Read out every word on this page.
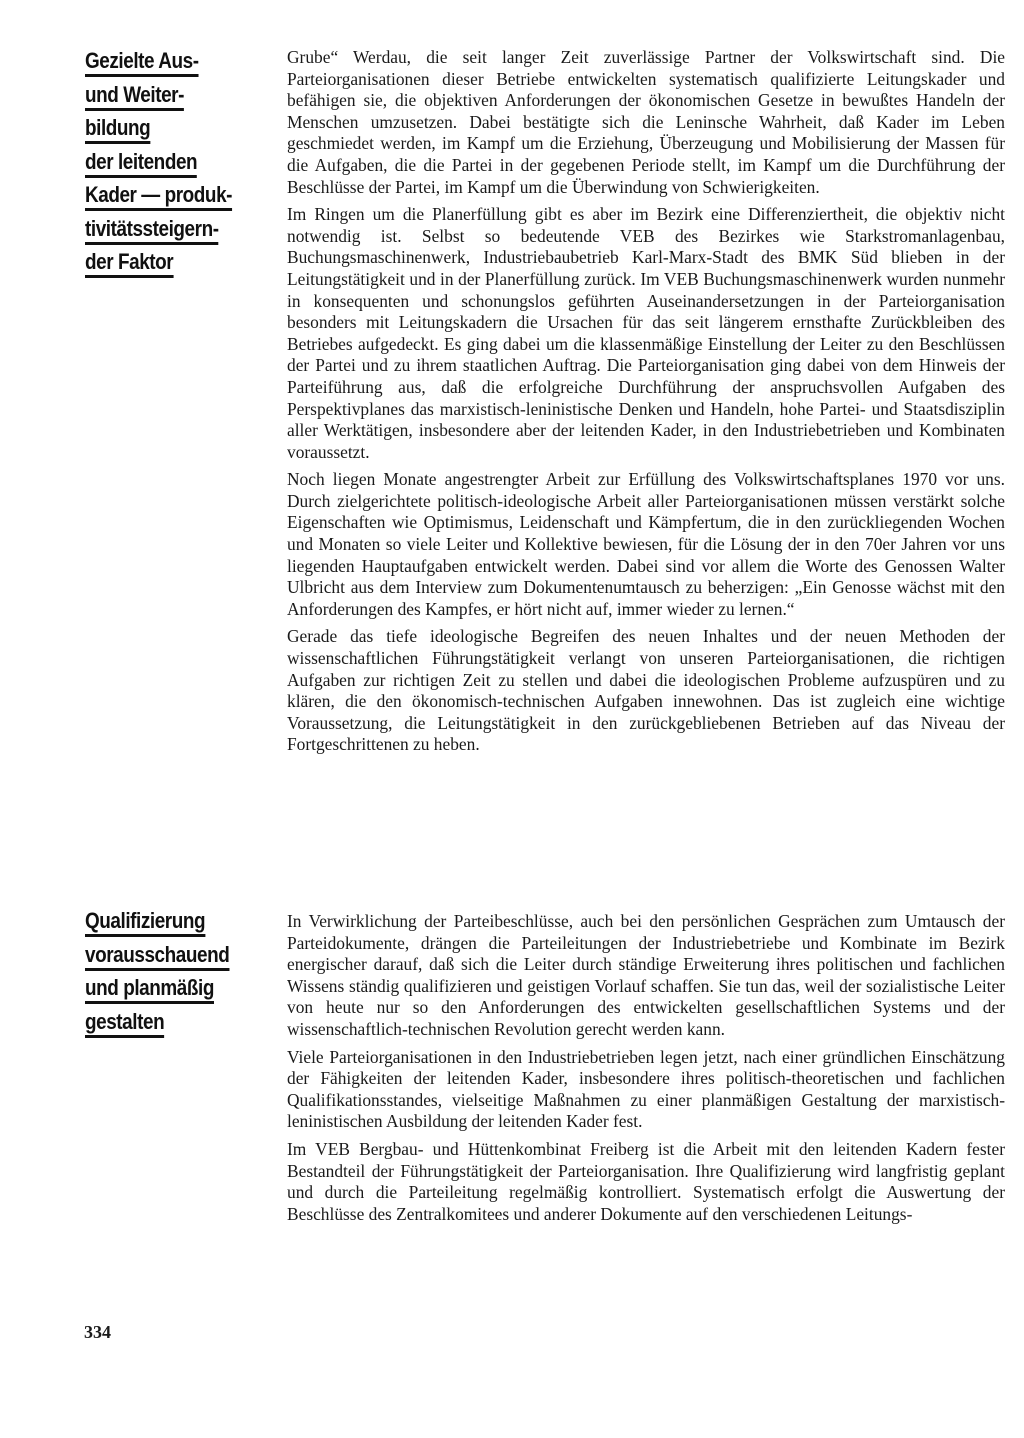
Gezielte Aus-
und Weiter-
bildung
der leitenden
Kader — produk-
tivitätssteigern-
der Faktor

Grube“ Werdau, die seit langer Zeit zuverlässige Partner der Volkswirtschaft sind. Die Parteiorganisationen dieser Betriebe entwickelten systematisch qualifizierte Leitungskader und befähigen sie, die objektiven Anforderungen der ökonomischen Gesetze in bewußtes Handeln der Menschen umzusetzen. Dabei bestätigte sich die Leninsche Wahrheit, daß Kader im Leben geschmiedet werden, im Kampf um die Erziehung, Überzeugung und Mobilisierung der Massen für die Aufgaben, die die Partei in der gegebenen Periode stellt, im Kampf um die Durchführung der Beschlüsse der Partei, im Kampf um die Überwindung von Schwierigkeiten.

Im Ringen um die Planerfüllung gibt es aber im Bezirk eine Differenziertheit, die objektiv nicht notwendig ist. Selbst so bedeutende VEB des Bezirkes wie Starkstromanlagenbau, Buchungsmaschinenwerk, Industriebaubetrieb Karl-Marx-Stadt des BMK Süd blieben in der Leitungstätigkeit und in der Planerfüllung zurück. Im VEB Buchungsmaschinenwerk wurden nunmehr in konsequenten und schonungslos geführten Auseinandersetzungen in der Parteiorganisation besonders mit Leitungskadern die Ursachen für das seit längerem ernsthafte Zurückbleiben des Betriebes aufgedeckt. Es ging dabei um die klassenmäßige Einstellung der Leiter zu den Beschlüssen der Partei und zu ihrem staatlichen Auftrag. Die Parteiorganisation ging dabei von dem Hinweis der Parteiführung aus, daß die erfolgreiche Durchführung der anspruchsvollen Aufgaben des Perspektivplanes das marxistisch-leninistische Denken und Handeln, hohe Partei- und Staatsdisziplin aller Werktätigen, insbesondere aber der leitenden Kader, in den Industriebetrieben und Kombinaten voraussetzt.

Noch liegen Monate angestrengter Arbeit zur Erfüllung des Volkswirtschaftsplanes 1970 vor uns. Durch zielgerichtete politisch-ideologische Arbeit aller Parteiorganisationen müssen verstärkt solche Eigenschaften wie Optimismus, Leidenschaft und Kämpfertum, die in den zurückliegenden Wochen und Monaten so viele Leiter und Kollektive bewiesen, für die Lösung der in den 70er Jahren vor uns liegenden Hauptaufgaben entwickelt werden. Dabei sind vor allem die Worte des Genossen Walter Ulbricht aus dem Interview zum Dokumentenumtausch zu beherzigen: „Ein Genosse wächst mit den Anforderungen des Kampfes, er hört nicht auf, immer wieder zu lernen.“

Gerade das tiefe ideologische Begreifen des neuen Inhaltes und der neuen Methoden der wissenschaftlichen Führungstätigkeit verlangt von unseren Parteiorganisationen, die richtigen Aufgaben zur richtigen Zeit zu stellen und dabei die ideologischen Probleme aufzuspüren und zu klären, die den ökonomisch-technischen Aufgaben innewohnen. Das ist zugleich eine wichtige Voraussetzung, die Leitungstätigkeit in den zurückgebliebenen Betrieben auf das Niveau der Fortgeschrittenen zu heben.

Qualifizierung
vorausschauend
und planmäßig
gestalten

In Verwirklichung der Parteibeschlüsse, auch bei den persönlichen Gesprächen zum Umtausch der Parteidokumente, drängen die Parteileitungen der Industriebetriebe und Kombinate im Bezirk energischer darauf, daß sich die Leiter durch ständige Erweiterung ihres politischen und fachlichen Wissens ständig qualifizieren und geistigen Vorlauf schaffen. Sie tun das, weil der sozialistische Leiter von heute nur so den Anforderungen des entwickelten gesellschaftlichen Systems und der wissenschaftlich-technischen Revolution gerecht werden kann.

Viele Parteiorganisationen in den Industriebetrieben legen jetzt, nach einer gründlichen Einschätzung der Fähigkeiten der leitenden Kader, insbesondere ihres politisch-theoretischen und fachlichen Qualifikationsstandes, vielseitige Maßnahmen zu einer planmäßigen Gestaltung der marxistisch-leninistischen Ausbildung der leitenden Kader fest.

Im VEB Bergbau- und Hüttenkombinat Freiberg ist die Arbeit mit den leitenden Kadern fester Bestandteil der Führungstätigkeit der Parteiorganisation. Ihre Qualifizierung wird langfristig geplant und durch die Parteileitung regelmäßig kontrolliert. Systematisch erfolgt die Auswertung der Beschlüsse des Zentralkomitees und anderer Dokumente auf den verschiedenen Leitungs-

334
